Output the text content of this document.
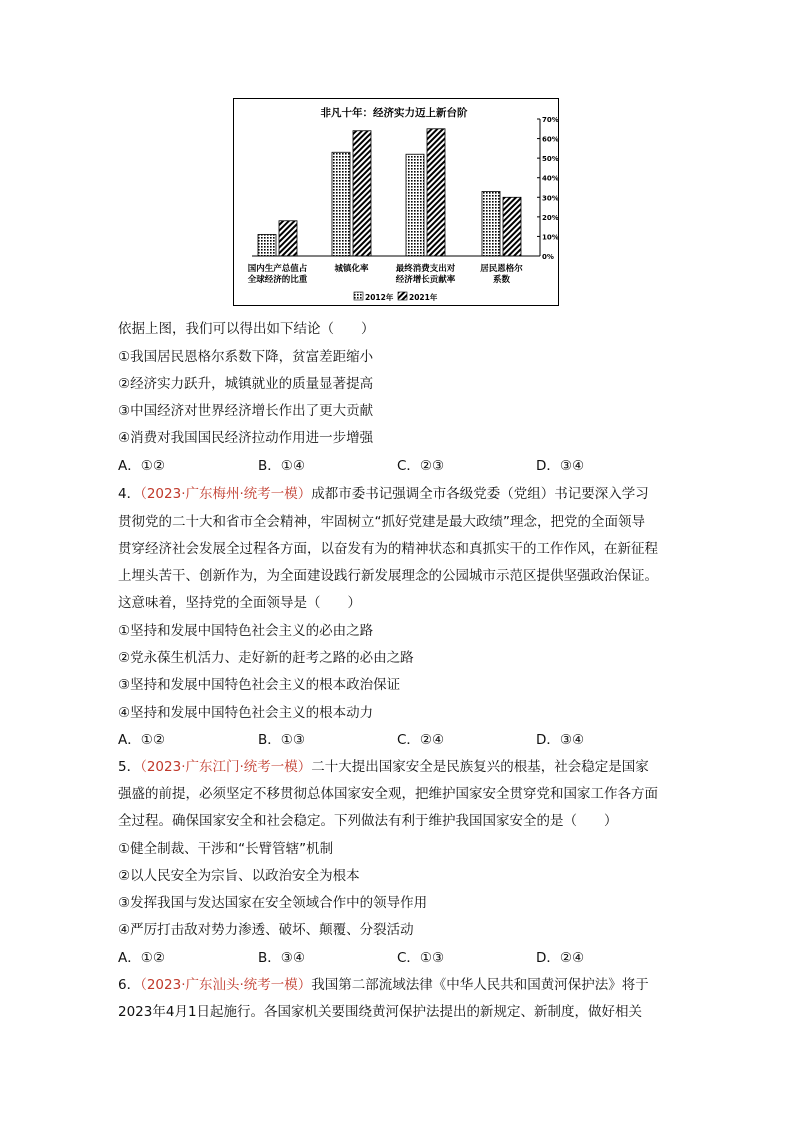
非凡十年：经济实力迈上新台阶
0%
10%
20%
30%
40%
50%
60%
70%
国内生产总值占
全球经济的比重
城镇化率	最终消费支出对
经济增长贡献率
居民恩格尔
系数
2012年 2021年
依据上图，我们可以得出如下结论（　　）
①我国居民恩格尔系数下降，贫富差距缩小
②经济实力跃升，城镇就业的质量显著提高
③中国经济对世界经济增长作出了更大贡献
④消费对我国国民经济拉动作用进一步增强
A．①②	B．①④	C．②③	D．③④
4．（2023·广东梅州·统考一模）成都市委书记强调全市各级党委（党组）书记要深入学习
贯彻党的二十大和省市全会精神，牢固树立“抓好党建是最大政绩”理念，把党的全面领导
贯穿经济社会发展全过程各方面，以奋发有为的精神状态和真抓实干的工作作风，在新征程
上埋头苦干、创新作为，为全面建设践行新发展理念的公园城市示范区提供坚强政治保证。
这意味着，坚持党的全面领导是（　　）
①坚持和发展中国特色社会主义的必由之路
②党永葆生机活力、走好新的赶考之路的必由之路
③坚持和发展中国特色社会主义的根本政治保证
④坚持和发展中国特色社会主义的根本动力
A．①②	B．①③	C．②④	D．③④
5．（2023·广东江门·统考一模）二十大提出国家安全是民族复兴的根基，社会稳定是国家
强盛的前提，必须坚定不移贯彻总体国家安全观，把维护国家安全贯穿党和国家工作各方面
全过程。确保国家安全和社会稳定。下列做法有利于维护我国国家安全的是（　　）
①健全制裁、干涉和“长臂管辖”机制
②以人民安全为宗旨、以政治安全为根本
③发挥我国与发达国家在安全领域合作中的领导作用
④严厉打击敌对势力渗透、破坏、颠覆、分裂活动
A．①②	B．③④	C．①③	D．②④
6．（2023·广东汕头·统考一模）我国第二部流域法律《中华人民共和国黄河保护法》将于
2023年4月1日起施行。各国家机关要围绕黄河保护法提出的新规定、新制度，做好相关
